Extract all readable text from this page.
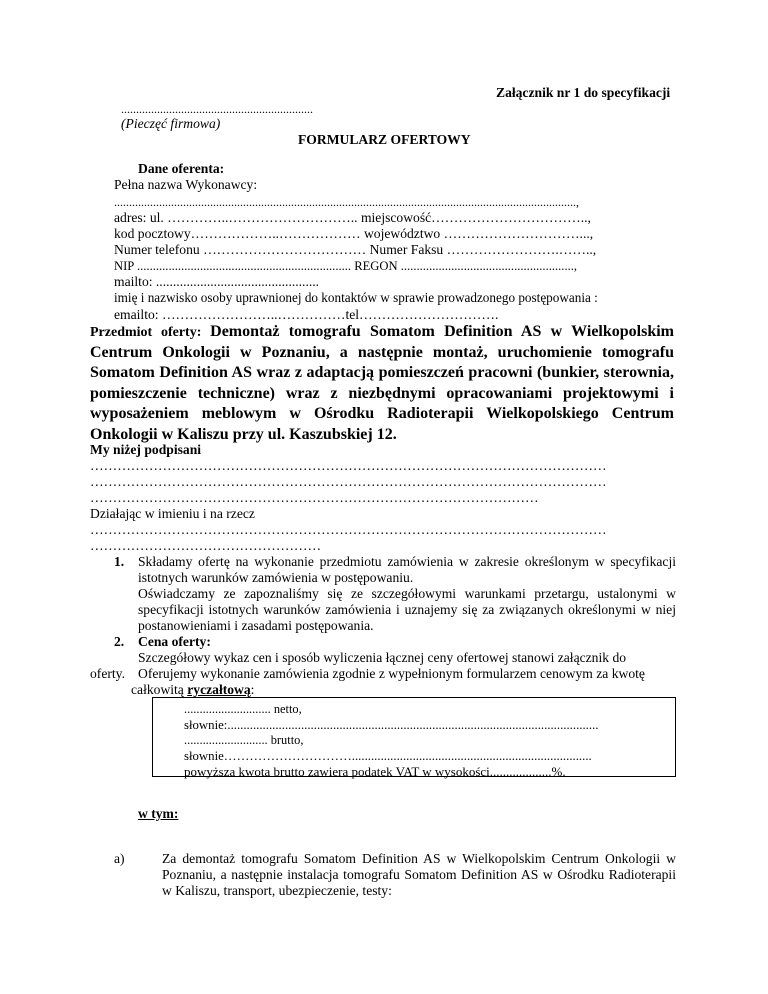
Załącznik nr 1 do specyfikacji
................................................................
(Pieczęć firmowa)
FORMULARZ OFERTOWY
Dane oferenta:
Pełna nazwa Wykonawcy:
..........................................................................................................................................................,
adres: ul. …………..……………………….. miejscowość……………………………..,
kod pocztowy………………..……………… województwo …………………………...,
Numer telefonu ……………………………… Numer Faksu …………………….……..,
NIP .................................................................... REGON .......................................................,
mailto: ................................................
imię i nazwisko osoby uprawnionej do kontaktów w sprawie prowadzonego postępowania :
emailto: ……………………..……………tel………………………….
Przedmiot oferty: Demontaż tomografu Somatom Definition AS w Wielkopolskim Centrum Onkologii w Poznaniu, a następnie montaż, uruchomienie tomografu Somatom Definition AS wraz z adaptacją pomieszczeń pracowni (bunkier, sterownia, pomieszczenie techniczne) wraz z niezbędnymi opracowaniami projektowymi i wyposażeniem meblowym w Ośrodku Radioterapii Wielkopolskiego Centrum Onkologii w Kaliszu przy ul. Kaszubskiej 12.
My niżej podpisani
……………………………………………………………………………………………………
……………………………………………………………………………………………………
………………………………………………………………………………………
Działając w imieniu i na rzecz
……………………………………………………………………………………………………
……………………………………………
1. Składamy ofertę na wykonanie przedmiotu zamówienia w zakresie określonym w specyfikacji istotnych warunków zamówienia w postępowaniu.
Oświadczamy ze zapoznaliśmy się ze szczegółowymi warunkami przetargu, ustalonymi w specyfikacji istotnych warunków zamówienia i uznajemy się za związanych określonymi w niej postanowieniami i zasadami postępowania.
2. Cena oferty:
Szczegółowy wykaz cen i sposób wyliczenia łącznej ceny ofertowej stanowi załącznik do
oferty. Oferujemy wykonanie zamówienia zgodnie z wypełnionym formularzem cenowym za kwotę
całkowitą ryczałtową:
............................ netto,
słownie:....................................................................................................................
........................... brutto,
słownie…………………………...........................................................................
powyższa kwota brutto zawiera podatek VAT w wysokości...................%.
w tym:
a)	Za demontaż tomografu Somatom Definition AS w Wielkopolskim Centrum Onkologii w Poznaniu, a następnie instalacja tomografu Somatom Definition AS w Ośrodku Radioterapii w Kaliszu, transport, ubezpieczenie, testy:
